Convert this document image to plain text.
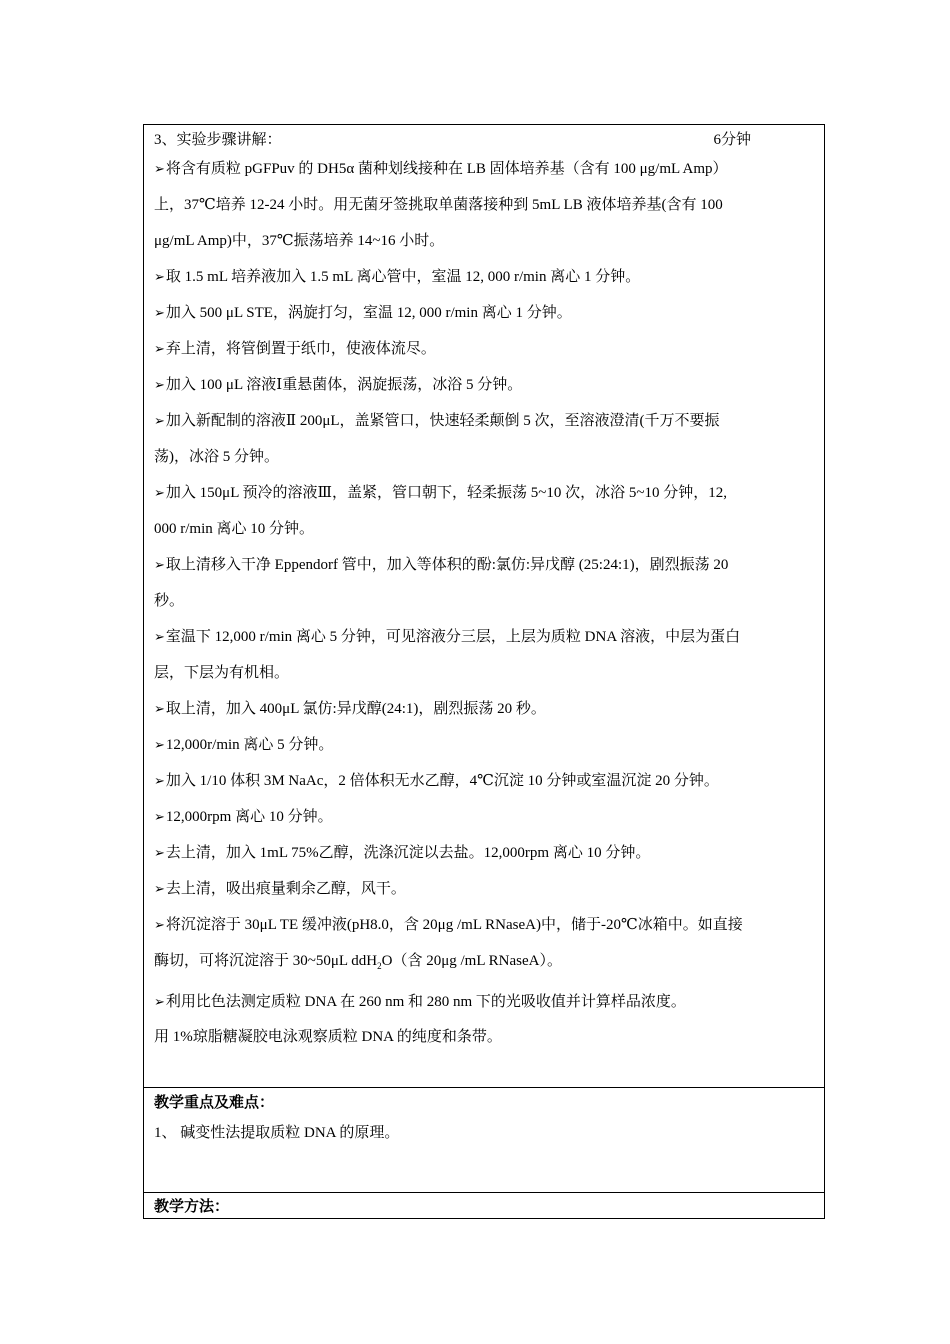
3、实验步骤讲解：	6分钟

➢将含有质粒 pGFPuv 的 DH5α 菌种划线接种在 LB 固体培养基（含有 100 μg/mL Amp）

上，37℃培养 12-24 小时。用无菌牙签挑取单菌落接种到 5mL LB 液体培养基(含有 100

μg/mL Amp)中，37℃振荡培养 14~16 小时。

➢取 1.5 mL 培养液加入 1.5 mL 离心管中，室温 12, 000 r/min 离心 1 分钟。

➢加入 500 μL STE，涡旋打匀，室温 12, 000 r/min 离心 1 分钟。

➢弃上清，将管倒置于纸巾，使液体流尽。

➢加入 100 μL 溶液Ⅰ重悬菌体，涡旋振荡，冰浴 5 分钟。

➢加入新配制的溶液Ⅱ 200μL，盖紧管口，快速轻柔颠倒 5 次，至溶液澄清(千万不要振

荡)，冰浴 5 分钟。

➢加入 150μL 预冷的溶液Ⅲ，盖紧，管口朝下，轻柔振荡 5~10 次，冰浴 5~10 分钟，12,

000 r/min 离心 10 分钟。

➢取上清移入干净 Eppendorf 管中，加入等体积的酚:氯仿:异戊醇 (25:24:1)，剧烈振荡 20

秒。

➢室温下 12,000 r/min 离心 5 分钟，可见溶液分三层，上层为质粒 DNA 溶液，中层为蛋白

层，下层为有机相。

➢取上清，加入 400μL 氯仿:异戊醇(24:1)，剧烈振荡 20 秒。

➢12,000r/min 离心 5 分钟。

➢加入 1/10 体积 3M NaAc，2 倍体积无水乙醇，4℃沉淀 10 分钟或室温沉淀 20 分钟。

➢12,000rpm 离心 10 分钟。

➢去上清，加入 1mL 75%乙醇，洗涤沉淀以去盐。12,000rpm 离心 10 分钟。

➢去上清，吸出痕量剩余乙醇，风干。

➢将沉淀溶于 30μL TE 缓冲液(pH8.0，含 20μg /mL RNaseA)中，储于-20℃冰箱中。如直接

酶切，可将沉淀溶于 30~50μL ddH$_2$O（含 20μg /mL RNaseA）。

➢利用比色法测定质粒 DNA 在 260 nm 和 280 nm 下的光吸收值并计算样品浓度。

用 1%琼脂糖凝胶电泳观察质粒 DNA 的纯度和条带。

教学重点及难点：

1、 碱变性法提取质粒 DNA 的原理。

教学方法：
